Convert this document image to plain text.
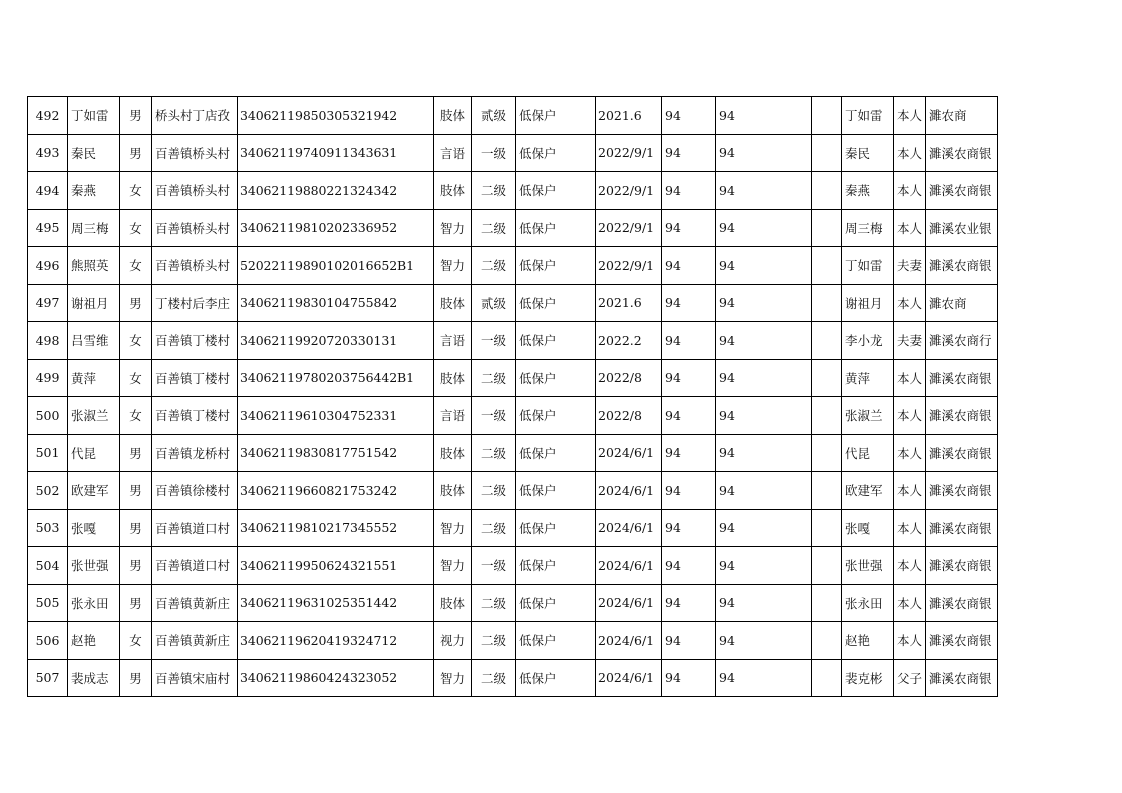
492	丁如雷	男	桥头村丁店孜	340621198503053​21942	肢体	贰级	低保户	2021.6	94	94		丁如雷	本人	濉农商
493	秦民	男	百善镇桥头村	34062119740911343631	言语	一级	低保户	2022/9/1	94	94		秦民	本人	濉溪农商银
494	秦燕	女	百善镇桥头村	34062119880221324342	肢体	二级	低保户	2022/9/1	94	94		秦燕	本人	濉溪农商银
495	周三梅	女	百善镇桥头村	34062119810202336952	智力	二级	低保户	2022/9/1	94	94		周三梅	本人	濉溪农业银
496	熊照英	女	百善镇桥头村	52022119890102016652B1	智力	二级	低保户	2022/9/1	94	94		丁如雷	夫妻	濉溪农商银
497	谢祖月	男	丁楼村后李庄	34062119830104755842	肢体	贰级	低保户	2021.6	94	94		谢祖月	本人	濉农商
498	吕雪维	女	百善镇丁楼村	34062119920720330131	言语	一级	低保户	2022.2	94	94		李小龙	夫妻	濉溪农商行
499	黄萍	女	百善镇丁楼村	34062119780203756442B1	肢体	二级	低保户	2022/8	94	94		黄萍	本人	濉溪农商银
500	张淑兰	女	百善镇丁楼村	34062119610304752331	言语	一级	低保户	2022/8	94	94		张淑兰	本人	濉溪农商银
501	代昆	男	百善镇龙桥村	34062119830817751542	肢体	二级	低保户	2024/6/1	94	94		代昆	本人	濉溪农商银
502	欧建军	男	百善镇徐楼村	34062119660821753242	肢体	二级	低保户	2024/6/1	94	94		欧建军	本人	濉溪农商银
503	张嘎	男	百善镇道口村	34062119810217345552	智力	二级	低保户	2024/6/1	94	94		张嘎	本人	濉溪农商银
504	张世强	男	百善镇道口村	34062119950624321551	智力	一级	低保户	2024/6/1	94	94		张世强	本人	濉溪农商银
505	张永田	男	百善镇黄新庄	34062119631025351442	肢体	二级	低保户	2024/6/1	94	94		张永田	本人	濉溪农商银
506	赵艳	女	百善镇黄新庄	34062119620419324712	视力	二级	低保户	2024/6/1	94	94		赵艳	本人	濉溪农商银
507	裴成志	男	百善镇宋庙村	34062119860424323052	智力	二级	低保户	2024/6/1	94	94		裴克彬	父子	濉溪农商银
